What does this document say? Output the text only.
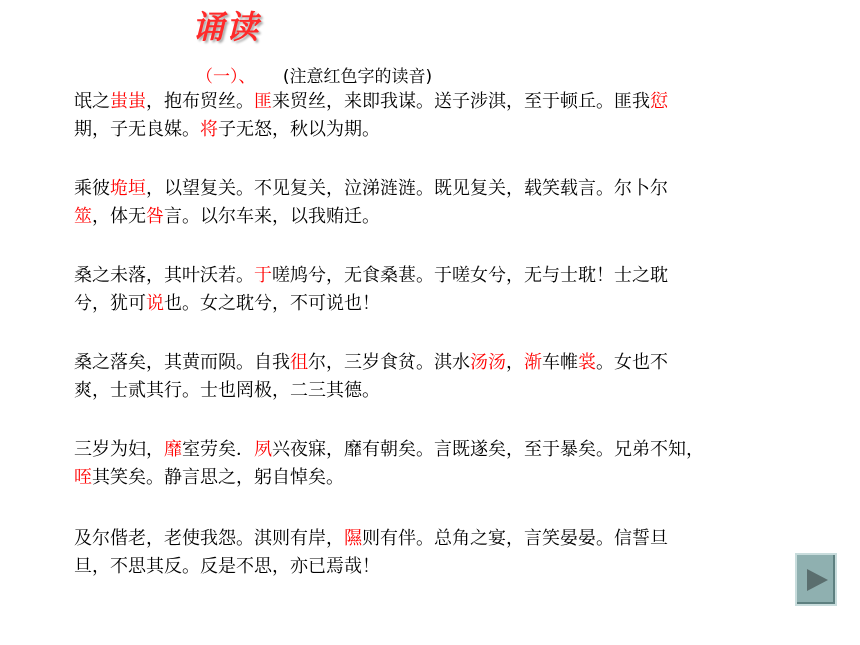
诵读
（一）、 (注意红色字的读音)
氓之蚩蚩，抱布贸丝。匪来贸丝，来即我谋。送子涉淇，至于顿丘。匪我愆
期，子无良媒。将子无怒，秋以为期。
乘彼垝垣，以望复关。不见复关，泣涕涟涟。既见复关，载笑载言。尔卜尔
筮，体无咎言。以尔车来，以我贿迁。
桑之未落，其叶沃若。于嗟鸠兮，无食桑葚。于嗟女兮，无与士耽！士之耽
兮，犹可说也。女之耽兮，不可说也！
桑之落矣，其黄而陨。自我徂尔，三岁食贫。淇水汤汤，渐车帷裳。女也不
爽，士贰其行。士也罔极，二三其德。
三岁为妇，靡室劳矣．夙兴夜寐，靡有朝矣。言既遂矣，至于暴矣。兄弟不知，
咥其笑矣。静言思之，躬自悼矣。
及尔偕老，老使我怨。淇则有岸，隰则有伴。总角之宴，言笑晏晏。信誓旦
旦，不思其反。反是不思，亦已焉哉！
